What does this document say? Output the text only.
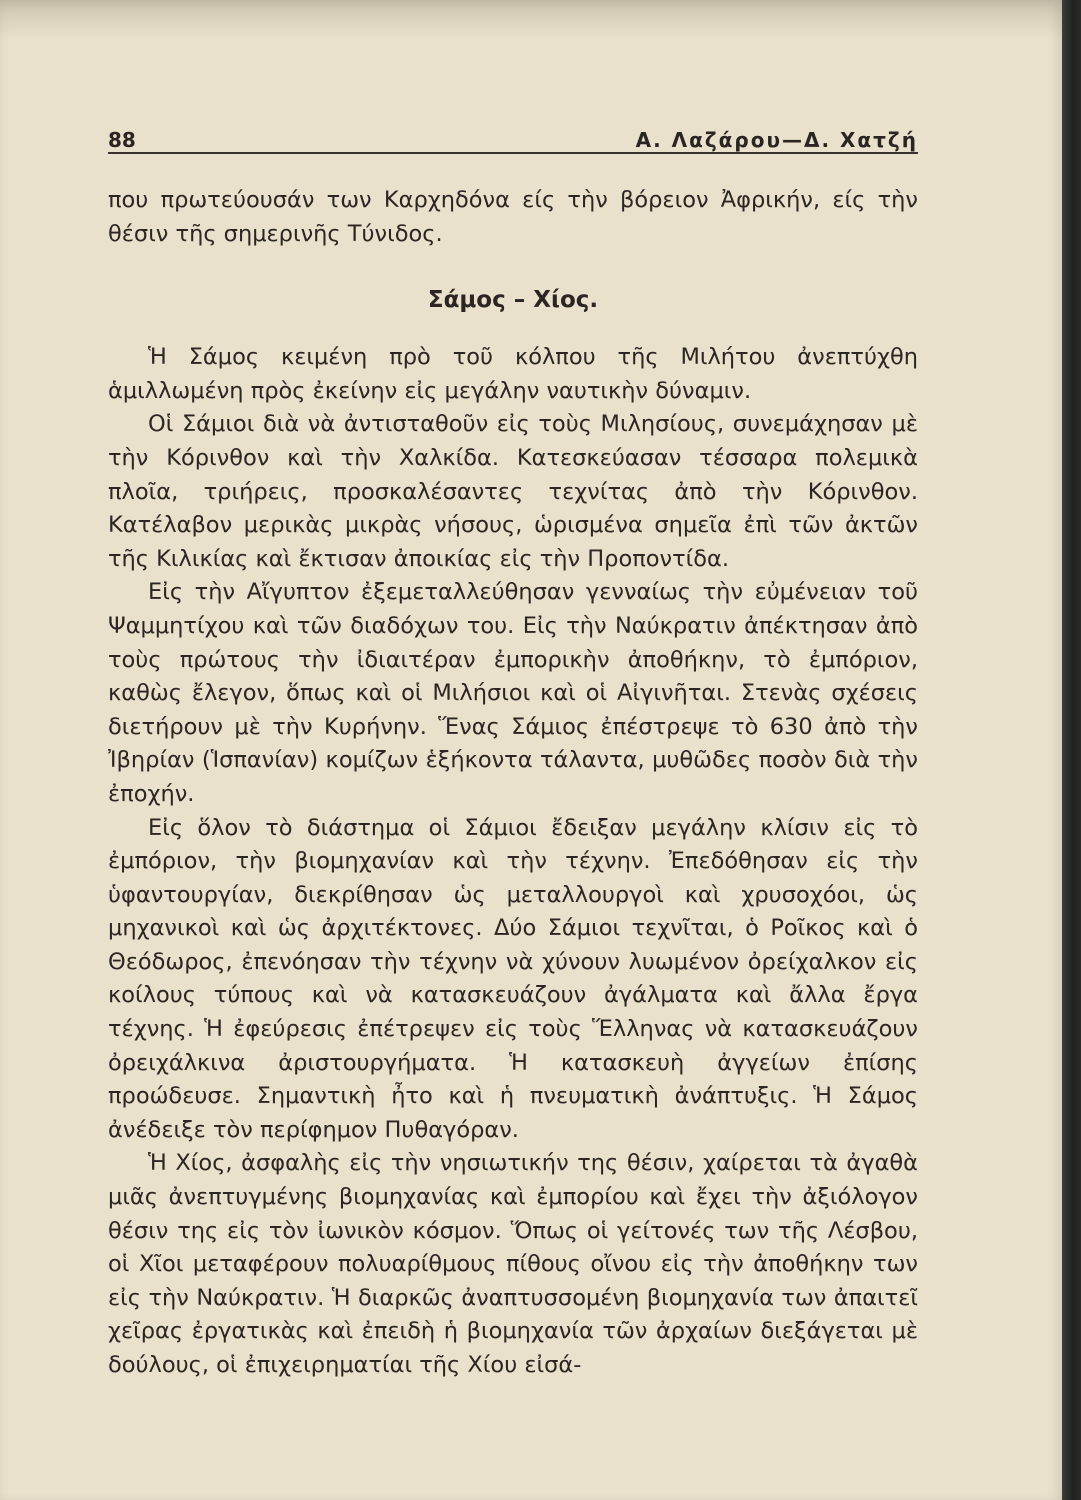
88	Α. Λαζάρου—Δ. Χατζή

που πρωτεύουσάν των Καρχηδόνα είς τὴν βόρειον Ἀφρικήν, είς τὴν θέσιν τῆς σημερινῆς Τύνιδος.

Σάμος – Χίος.

Ἡ Σάμος κειμένη πρὸ τοῦ κόλπου τῆς Μιλήτου ἀνεπτύχθη ἁμιλλωμένη πρὸς ἐκείνην εἰς μεγάλην ναυτικὴν δύναμιν.

Οἱ Σάμιοι διὰ νὰ ἀντισταθοῦν εἰς τοὺς Μιλησίους, συνεμάχησαν μὲ τὴν Κόρινθον καὶ τὴν Χαλκίδα. Κατεσκεύασαν τέσσαρα πολεμικὰ πλοῖα, τριήρεις, προσκαλέσαντες τεχνίτας ἀπὸ τὴν Κόρινθον. Κατέλαβον μερικὰς μικρὰς νήσους, ὡρισμένα σημεῖα ἐπὶ τῶν ἀκτῶν τῆς Κιλικίας καὶ ἔκτισαν ἀποικίας εἰς τὴν Προποντίδα.

Εἰς τὴν Αἴγυπτον ἐξεμεταλλεύθησαν γενναίως τὴν εὐμένειαν τοῦ Ψαμμητίχου καὶ τῶν διαδόχων του. Εἰς τὴν Ναύκρατιν ἀπέκτησαν ἀπὸ τοὺς πρώτους τὴν ἰδιαιτέραν ἐμπορικὴν ἀποθήκην, τὸ ἐμπόριον, καθὼς ἔλεγον, ὅπως καὶ οἱ Μιλήσιοι καὶ οἱ Αἰγινῆται. Στενὰς σχέσεις διετήρουν μὲ τὴν Κυρήνην. Ἕνας Σάμιος ἐπέστρεψε τὸ 630 ἀπὸ τὴν Ἰβηρίαν (Ἱσπανίαν) κομίζων ἑξήκοντα τάλαντα, μυθῶδες ποσὸν διὰ τὴν ἐποχήν.

Εἰς ὅλον τὸ διάστημα οἱ Σάμιοι ἔδειξαν μεγάλην κλίσιν εἰς τὸ ἐμπόριον, τὴν βιομηχανίαν καὶ τὴν τέχνην. Ἐπεδόθησαν εἰς τὴν ὑφαντουργίαν, διεκρίθησαν ὡς μεταλλουργοὶ καὶ χρυσοχόοι, ὡς μηχανικοὶ καὶ ὡς ἀρχιτέκτονες. Δύο Σάμιοι τεχνῖται, ὁ Ροῖκος καὶ ὁ Θεόδωρος, ἐπενόησαν τὴν τέχνην νὰ χύνουν λυωμένον ὀρείχαλκον εἰς κοίλους τύπους καὶ νὰ κατασκευάζουν ἀγάλματα καὶ ἄλλα ἔργα τέχνης. Ἡ ἐφεύρεσις ἐπέτρεψεν εἰς τοὺς Ἕλληνας νὰ κατασκευάζουν ὀρειχάλκινα ἀριστουργήματα. Ἡ κατασκευὴ ἀγγείων ἐπίσης προώδευσε. Σημαντικὴ ἦτο καὶ ἡ πνευματικὴ ἀνάπτυξις. Ἡ Σάμος ἀνέδειξε τὸν περίφημον Πυθαγόραν.

Ἡ Χίος, ἀσφαλὴς εἰς τὴν νησιωτικήν της θέσιν, χαίρεται τὰ ἀγαθὰ μιᾶς ἀνεπτυγμένης βιομηχανίας καὶ ἐμπορίου καὶ ἔχει τὴν ἀξιόλογον θέσιν της εἰς τὸν ἰωνικὸν κόσμον. Ὅπως οἱ γείτονές των τῆς Λέσβου, οἱ Χῖοι μεταφέρουν πολυαρίθμους πίθους οἴνου εἰς τὴν ἀποθήκην των εἰς τὴν Ναύκρατιν. Ἡ διαρκῶς ἀναπτυσσομένη βιομηχανία των ἀπαιτεῖ χεῖρας ἐργατικὰς καὶ ἐπειδὴ ἡ βιομηχανία τῶν ἀρχαίων διεξάγεται μὲ δούλους, οἱ ἐπιχειρηματίαι τῆς Χίου εἰσά-
